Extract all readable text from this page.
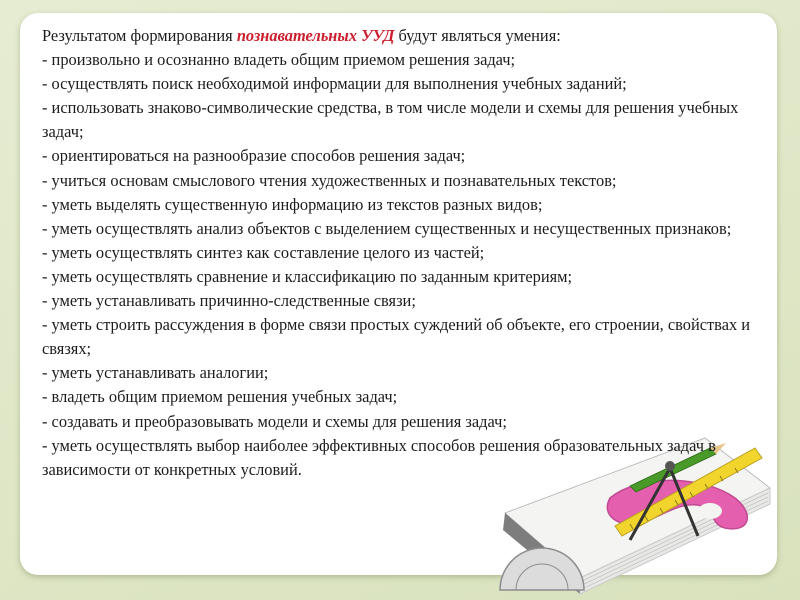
Результатом формирования познавательных УУД будут являться умения:

- произвольно и осознанно владеть общим приемом решения задач;

- осуществлять поиск необходимой информации для выполнения учебных заданий;

- использовать знаково-символические средства, в том числе модели и схемы для решения учебных задач;

- ориентироваться на разнообразие способов решения задач;

- учиться основам смыслового чтения художественных и познавательных текстов;

- уметь выделять существенную информацию из текстов разных видов;

- уметь осуществлять анализ объектов с выделением существенных и несущественных признаков;

- уметь осуществлять синтез как составление целого из частей;

- уметь осуществлять сравнение и классификацию по заданным критериям;

- уметь устанавливать причинно-следственные связи;

- уметь строить рассуждения в форме связи простых суждений об объекте, его строении, свойствах и связях;

- уметь устанавливать аналогии;

- владеть общим приемом решения учебных задач;

- создавать и преобразовывать модели и схемы для решения задач;

- уметь осуществлять выбор наиболее эффективных способов решения образовательных задач в зависимости от конкретных условий.
